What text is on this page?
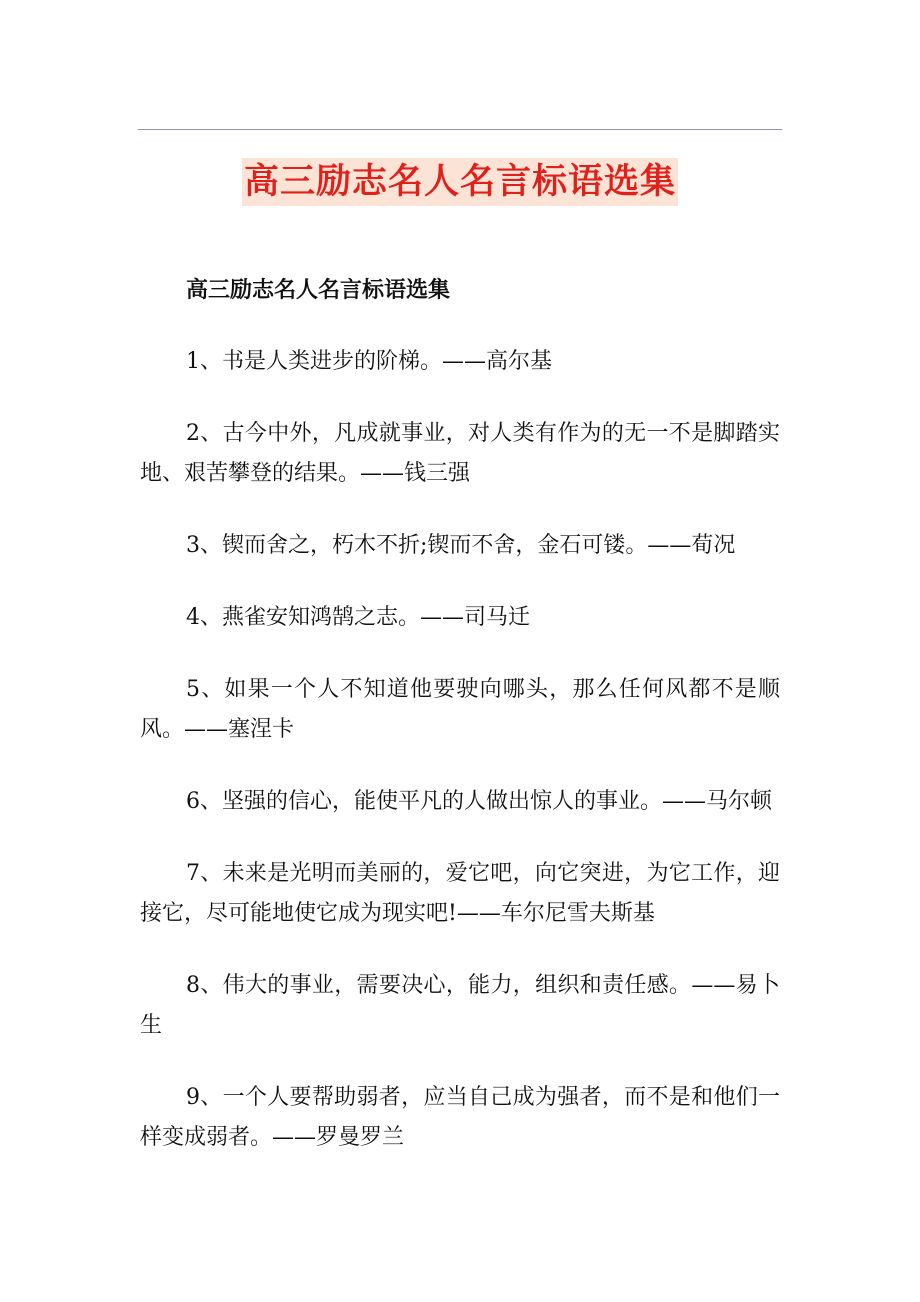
高三励志名人名言标语选集

高三励志名人名言标语选集

1、书是人类进步的阶梯。——高尔基

2、古今中外，凡成就事业，对人类有作为的无一不是脚踏实地、艰苦攀登的结果。——钱三强

3、锲而舍之，朽木不折;锲而不舍，金石可镂。——荀况

4、燕雀安知鸿鹄之志。——司马迁

5、如果一个人不知道他要驶向哪头，那么任何风都不是顺风。——塞涅卡

6、坚强的信心，能使平凡的人做出惊人的事业。——马尔顿

7、未来是光明而美丽的，爱它吧，向它突进，为它工作，迎接它，尽可能地使它成为现实吧!——车尔尼雪夫斯基

8、伟大的事业，需要决心，能力，组织和责任感。——易卜生

9、一个人要帮助弱者，应当自己成为强者，而不是和他们一样变成弱者。——罗曼罗兰
